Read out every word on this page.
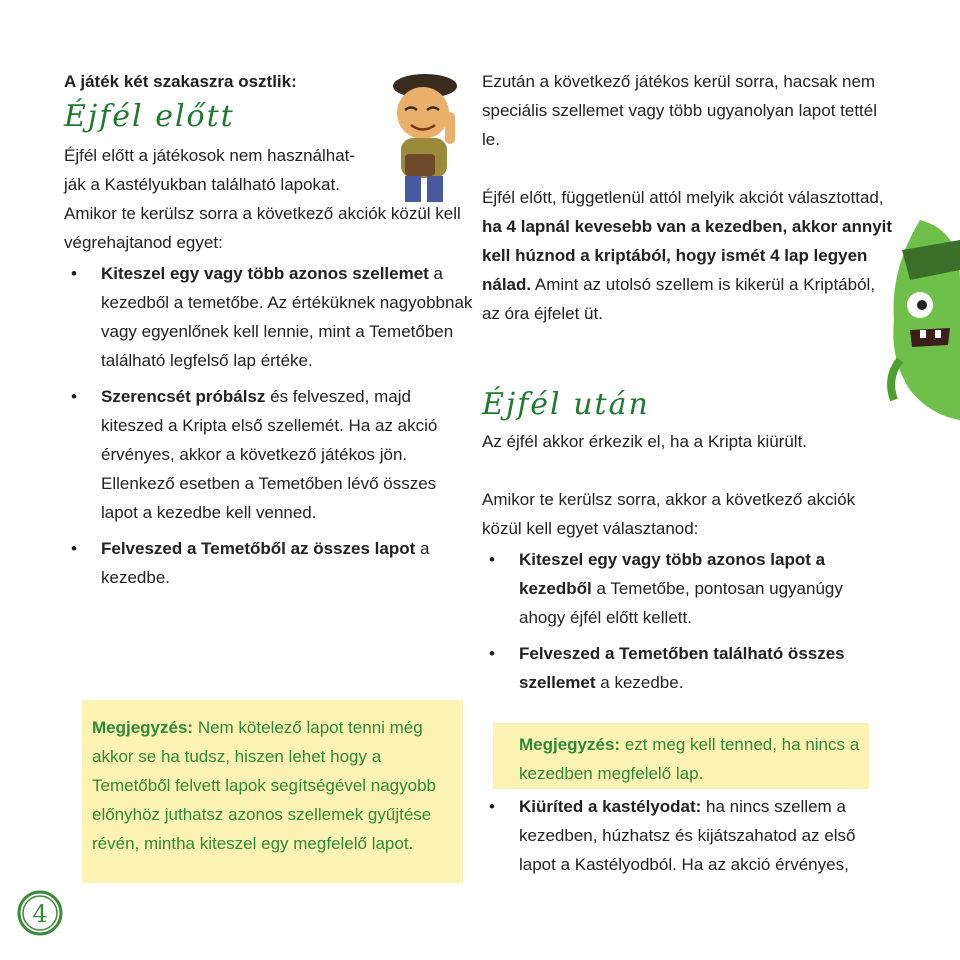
A játék két szakaszra osztlik:

Éjfél előtt

Éjfél előtt a játékosok nem használhat-
ják a Kastélyukban található lapokat.

Amikor te kerülsz sorra a következő akciók közül kell végrehajtanod egyet:

• Kiteszel egy vagy több azonos szellemet a kezedből a temetőbe. Az értéküknek nagyobbnak vagy egyenlőnek kell lennie, mint a Temetőben található legfelső lap értéke.
• Szerencsét próbálsz és felveszed, majd kiteszed a Kripta első szellemét. Ha az akció érvényes, akkor a következő játékos jön. Ellenkező esetben a Temetőben lévő összes lapot a kezedbe kell venned.
• Felveszed a Temetőből az összes lapot a kezedbe.
Megjegyzés: Nem kötelező lapot tenni még akkor se ha tudsz, hiszen lehet hogy a Temetőből felvett lapok segítségével nagyobb előnyhöz juthatsz azonos szellemek gyűjtése révén, mintha kiteszel egy megfelelő lapot.

Ezután a következő játékos kerül sorra, hacsak nem speciális szellemet vagy több ugyanolyan lapot tettél le.

Éjfél előtt, függetlenül attól melyik akciót választottad, ha 4 lapnál kevesebb van a kezedben, akkor annyit kell húznod a kriptából, hogy ismét 4 lap legyen nálad. Amint az utolsó szellem is kikerül a Kriptából, az óra éjfelet üt.

Éjfél után

Az éjfél akkor érkezik el, ha a Kripta kiürült.

Amikor te kerülsz sorra, akkor a következő akciók közül kell egyet választanod:

• Kiteszel egy vagy több azonos lapot a kezedből a Temetőbe, pontosan ugyanúgy ahogy éjfél előtt kellett.
• Felveszed a Temetőben található összes szellemet a kezedbe.
Megjegyzés: ezt meg kell tenned, ha nincs a kezedben megfelelő lap.
• Kiüríted a kastélyodat: ha nincs szellem a kezedben, húzhatsz és kijátszahatod az első lapot a Kastélyodból. Ha az akció érvényes,
4
